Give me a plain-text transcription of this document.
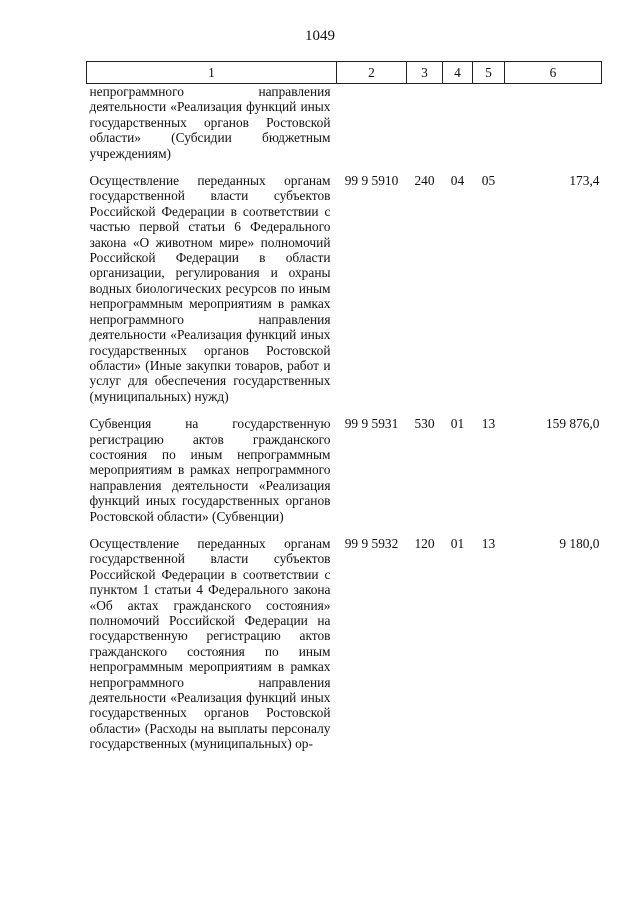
1049
1	2	3	4	5	6
непрограммного направления деятельности «Реализация функций иных государственных органов Ростовской области» (Субсидии бюджетным учреждениям)					

Осуществление переданных органам государственной власти субъектов Российской Федерации в соответствии с частью первой статьи 6 Федерального закона «О животном мире» полномочий Российской Федерации в области организации, регулирования и охраны водных биологических ресурсов по иным непрограммным мероприятиям в рамках непрограммного направления деятельности «Реализация функций иных государственных органов Ростовской области» (Иные закупки товаров, работ и услуг для обеспечения государственных (муниципальных) нужд)	99 9 5910	240	04	05	173,4

Субвенция на государственную регистрацию актов гражданского состояния по иным непрограммным мероприятиям в рамках непрограммного направления деятельности «Реализация функций иных государственных органов Ростовской области» (Субвенции)	99 9 5931	530	01	13	159 876,0

Осуществление переданных органам государственной власти субъектов Российской Федерации в соответствии с пунктом 1 статьи 4 Федерального закона «Об актах гражданского состояния» полномочий Российской Федерации на государственную регистрацию актов гражданского состояния по иным непрограммным мероприятиям в рамках непрограммного направления деятельности «Реализация функций иных государственных органов Ростовской области» (Расходы на выплаты персоналу государственных (муниципальных) ор-	99 9 5932	120	01	13	9 180,0
